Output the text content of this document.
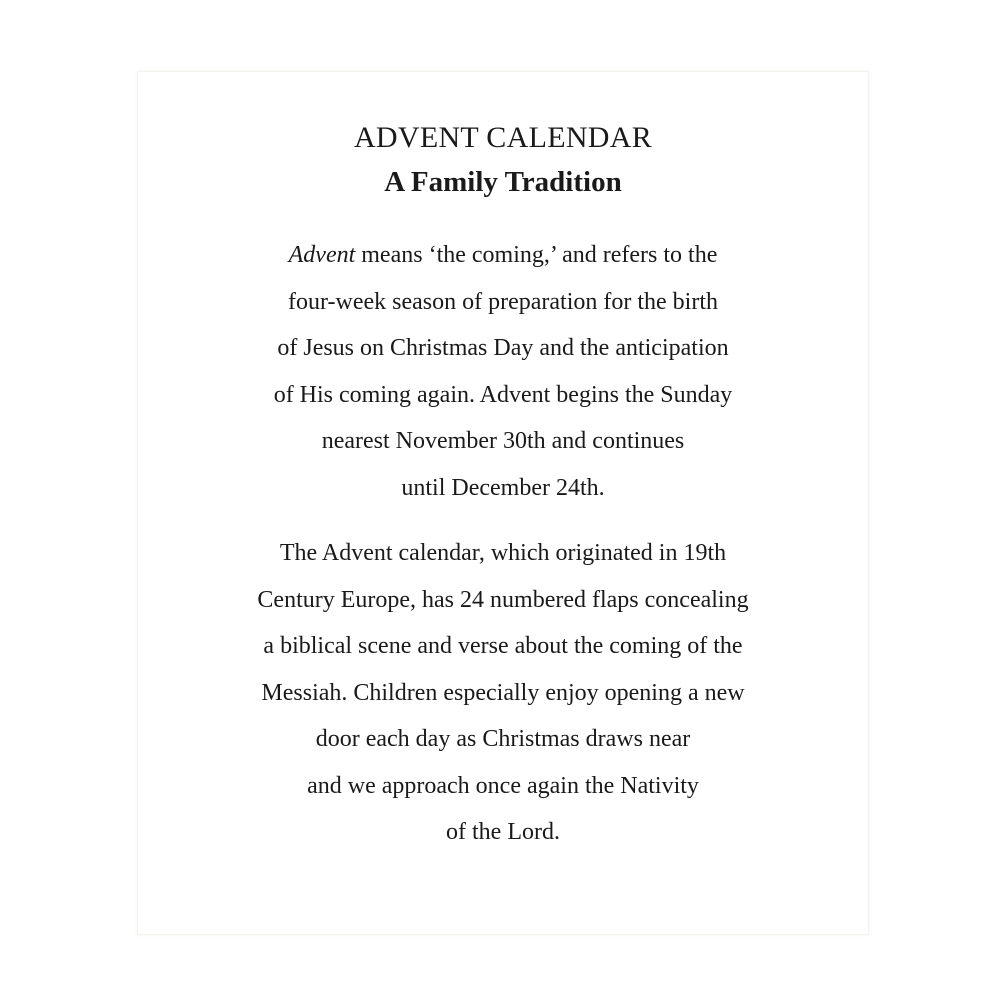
ADVENT CALENDAR
A Family Tradition
Advent means ‘the coming,’ and refers to the
four-week season of preparation for the birth
of Jesus on Christmas Day and the anticipation
of His coming again. Advent begins the Sunday
nearest November 30th and continues
until December 24th.
The Advent calendar, which originated in 19th
Century Europe, has 24 numbered flaps concealing
a biblical scene and verse about the coming of the
Messiah. Children especially enjoy opening a new
door each day as Christmas draws near
and we approach once again the Nativity
of the Lord.
